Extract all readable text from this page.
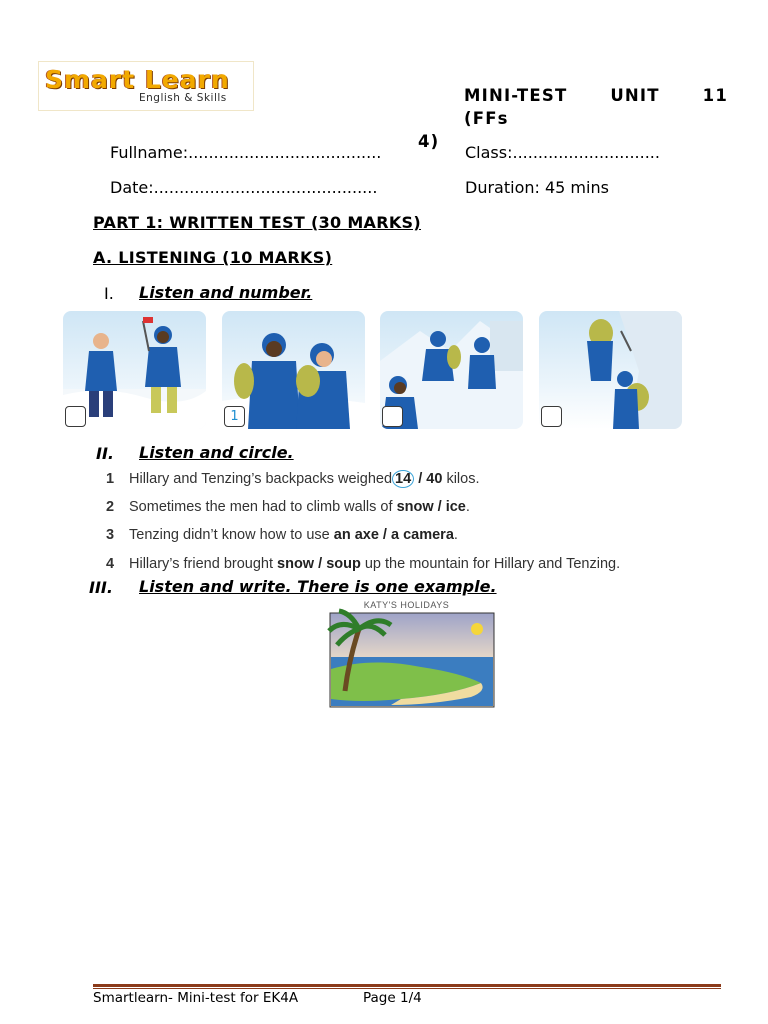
Smart Learn
English & Skills	MINI-TEST UNIT 11 (FFs
4)
Fullname:......................................	Class:.............................
Date:............................................	Duration: 45 mins
PART 1: WRITTEN TEST (30 MARKS)
A. LISTENING (10 MARKS)
I. Listen and number.
1
II. Listen and circle.
1 Hillary and Tenzing’s backpacks weighed 14 / 40 kilos.
2 Sometimes the men had to climb walls of snow / ice.
3 Tenzing didn’t know how to use an axe / a camera.
4 Hillary’s friend brought snow / soup up the mountain for Hillary and Tenzing.
III. Listen and write. There is one example.
KATY'S HOLIDAYS
Smartlearn- Mini-test for EK4A	Page 1/4
